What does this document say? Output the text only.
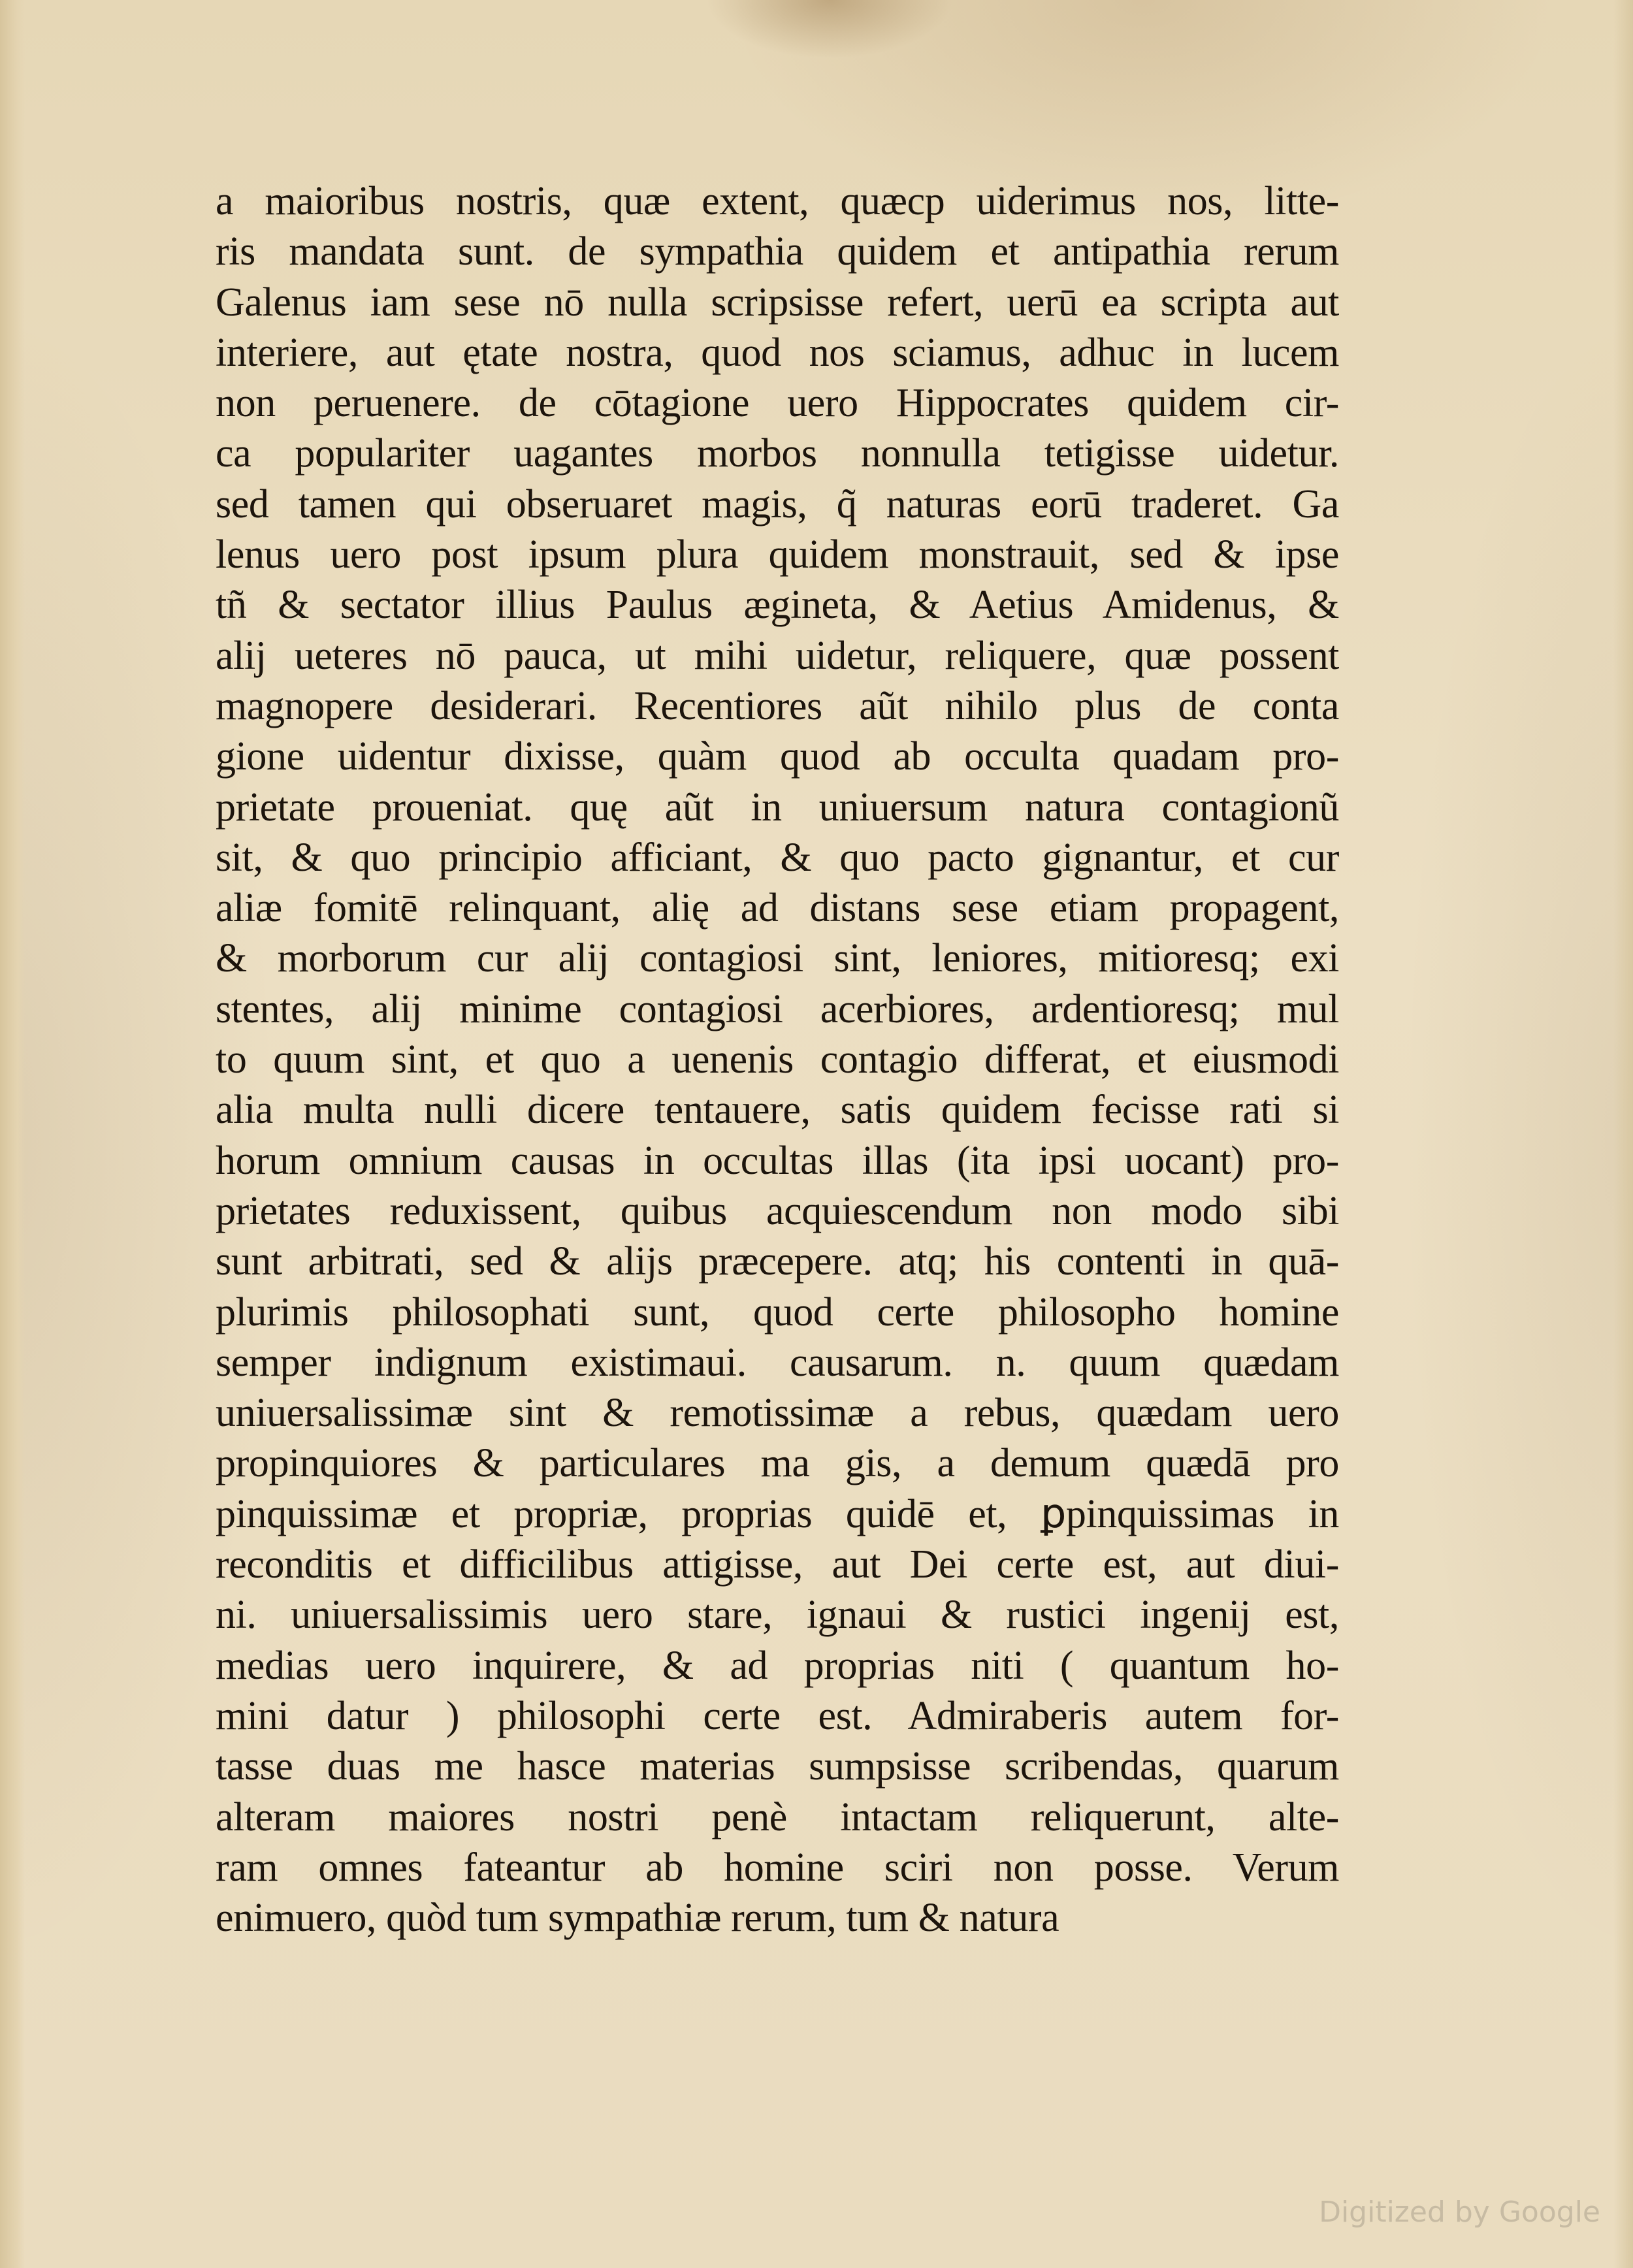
a maioribus nostris, quæ extent, quæcp uiderimus nos, litte-
ris mandata sunt. de sympathia quidem et antipathia rerum
Galenus iam sese nō nulla scripsisse refert, uerū ea scripta aut
interiere, aut ętate nostra, quod nos sciamus, adhuc in lucem
non peruenere. de cōtagione uero Hippocrates quidem cir-
ca populariter uagantes morbos nonnulla tetigisse uidetur.
sed tamen qui obseruaret magis, q̃ naturas eorū traderet. Ga
lenus uero post ipsum plura quidem monstrauit, sed & ipse
tñ & sectator illius Paulus ægineta, & Aetius Amidenus, &
alij ueteres nō pauca, ut mihi uidetur, reliquere, quæ possent
magnopere desiderari. Recentiores aũt nihilo plus de conta
gione uidentur dixisse, quàm quod ab occulta quadam pro-
prietate proueniat. quę aũt in uniuersum natura contagionũ
sit, & quo principio afficiant, & quo pacto gignantur, et cur
aliæ fomitē relinquant, alię ad distans sese etiam propagent,
& morborum cur alij contagiosi sint, leniores, mitioresq; exi
stentes, alij minime contagiosi acerbiores, ardentioresq; mul
to quum sint, et quo a uenenis contagio differat, et eiusmodi
alia multa nulli dicere tentauere, satis quidem fecisse rati si
horum omnium causas in occultas illas (ita ipsi uocant) pro-
prietates reduxissent, quibus acquiescendum non modo sibi
sunt arbitrati, sed & alijs præcepere. atq; his contenti in quā-
plurimis philosophati sunt, quod certe philosopho homine
semper indignum existimaui. causarum. n. quum quædam
uniuersalissimæ sint & remotissimæ a rebus, quædam uero
propinquiores & particulares ma gis, a demum quædā pro
pinquissimæ et propriæ, proprias quidē et, ꝑpinquissimas in
reconditis et difficilibus attigisse, aut Dei certe est, aut diui-
ni. uniuersalissimis uero stare, ignaui & rustici ingenij est,
medias uero inquirere, & ad proprias niti ( quantum ho-
mini datur ) philosophi certe est. Admiraberis autem for-
tasse duas me hasce materias sumpsisse scribendas, quarum
alteram maiores nostri penè intactam reliquerunt, alte-
ram omnes fateantur ab homine sciri non posse. Verum
enimuero, quòd tum sympathiæ rerum, tum & natura
Digitized by Google
